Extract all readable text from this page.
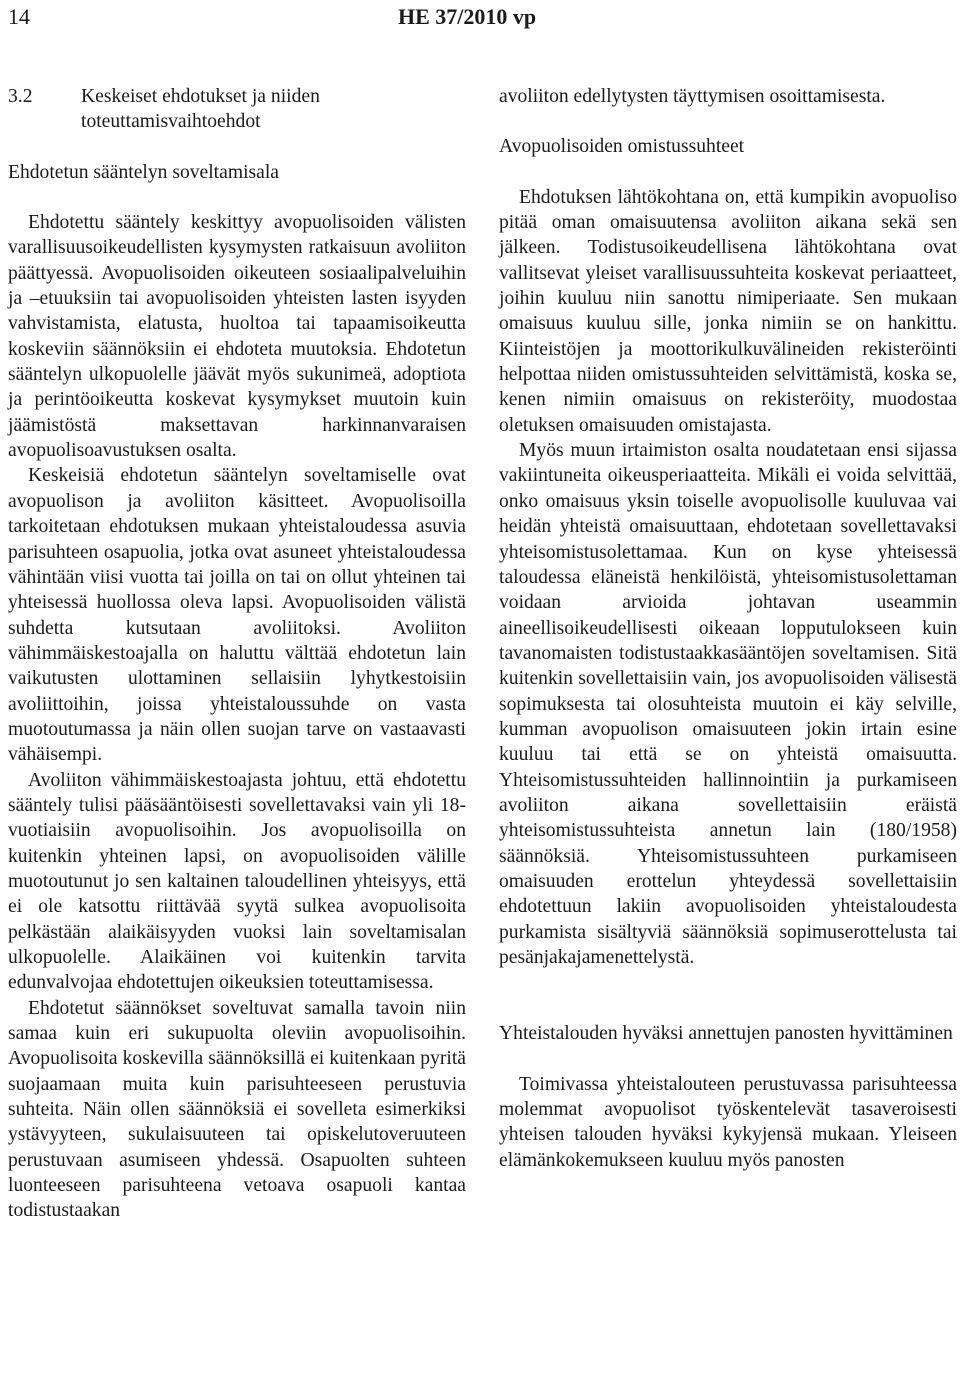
14	HE 37/2010 vp
3.2	Keskeiset ehdotukset ja niiden toteuttamisvaihtoehdot
Ehdotetun sääntelyn soveltamisala

Ehdotettu sääntely keskittyy avopuolisoiden välisten varallisuusoikeudellisten kysymysten ratkaisuun avoliiton päättyessä. Avopuolisoiden oikeuteen sosiaalipalveluihin ja –etuuksiin tai avopuolisoiden yhteisten lasten isyyden vahvistamista, elatusta, huoltoa tai tapaamisoikeutta koskeviin säännöksiin ei ehdoteta muutoksia. Ehdotetun sääntelyn ulkopuolelle jäävät myös sukunimeä, adoptiota ja perintöoikeutta koskevat kysymykset muutoin kuin jäämistöstä maksettavan harkinnanvaraisen avopuolisoavustuksen osalta.

Keskeisiä ehdotetun sääntelyn soveltamiselle ovat avopuolison ja avoliiton käsitteet. Avopuolisoilla tarkoitetaan ehdotuksen mukaan yhteistaloudessa asuvia parisuhteen osapuolia, jotka ovat asuneet yhteistaloudessa vähintään viisi vuotta tai joilla on tai on ollut yhteinen tai yhteisessä huollossa oleva lapsi. Avopuolisoiden välistä suhdetta kutsutaan avoliitoksi. Avoliiton vähimmäiskestoajalla on haluttu välttää ehdotetun lain vaikutusten ulottaminen sellaisiin lyhytkestoisiin avoliittoihin, joissa yhteistaloussuhde on vasta muotoutumassa ja näin ollen suojan tarve on vastaavasti vähäisempi.

Avoliiton vähimmäiskestoajasta johtuu, että ehdotettu sääntely tulisi pääsääntöisesti sovellettavaksi vain yli 18-vuotiaisiin avopuolisoihin. Jos avopuolisoilla on kuitenkin yhteinen lapsi, on avopuolisoiden välille muotoutunut jo sen kaltainen taloudellinen yhteisyys, että ei ole katsottu riittävää syytä sulkea avopuolisoita pelkästään alaikäisyyden vuoksi lain soveltamisalan ulkopuolelle. Alaikäinen voi kuitenkin tarvita edunvalvojaa ehdotettujen oikeuksien toteuttamisessa.

Ehdotetut säännökset soveltuvat samalla tavoin niin samaa kuin eri sukupuolta oleviin avopuolisoihin. Avopuolisoita koskevilla säännöksillä ei kuitenkaan pyritä suojaamaan muita kuin parisuhteeseen perustuvia suhteita. Näin ollen säännöksiä ei sovelleta esimerkiksi ystävyyteen, sukulaisuuteen tai opiskelutoveruuteen perustuvaan asumiseen yhdessä. Osapuolten suhteen luonteeseen parisuhteena vetoava osapuoli kantaa todistustaakan

avoliiton edellytysten täyttymisen osoittamisesta.

Avopuolisoiden omistussuhteet

Ehdotuksen lähtökohtana on, että kumpikin avopuoliso pitää oman omaisuutensa avoliiton aikana sekä sen jälkeen. Todistusoikeudellisena lähtökohtana ovat vallitsevat yleiset varallisuussuhteita koskevat periaatteet, joihin kuuluu niin sanottu nimiperiaate. Sen mukaan omaisuus kuuluu sille, jonka nimiin se on hankittu. Kiinteistöjen ja moottorikulkuvälineiden rekisteröinti helpottaa niiden omistussuhteiden selvittämistä, koska se, kenen nimiin omaisuus on rekisteröity, muodostaa oletuksen omaisuuden omistajasta.

Myös muun irtaimiston osalta noudatetaan ensi sijassa vakiintuneita oikeusperiaatteita. Mikäli ei voida selvittää, onko omaisuus yksin toiselle avopuolisolle kuuluvaa vai heidän yhteistä omaisuuttaan, ehdotetaan sovellettavaksi yhteisomistusolettamaa. Kun on kyse yhteisessä taloudessa eläneistä henkilöistä, yhteisomistusolettaman voidaan arvioida johtavan useammin aineellisoikeudellisesti oikeaan lopputulokseen kuin tavanomaisten todistustaakkasääntöjen soveltamisen. Sitä kuitenkin sovellettaisiin vain, jos avopuolisoiden välisestä sopimuksesta tai olosuhteista muutoin ei käy selville, kumman avopuolison omaisuuteen jokin irtain esine kuuluu tai että se on yhteistä omaisuutta. Yhteisomistussuhteiden hallinnointiin ja purkamiseen avoliiton aikana sovellettaisiin eräistä yhteisomistussuhteista annetun lain (180/1958) säännöksiä. Yhteisomistussuhteen purkamiseen omaisuuden erottelun yhteydessä sovellettaisiin ehdotettuun lakiin avopuolisoiden yhteistaloudesta purkamista sisältyviä säännöksiä sopimuserottelusta tai pesänjakajamenettelystä.

Yhteistalouden hyväksi annettujen panosten hyvittäminen

Toimivassa yhteistalouteen perustuvassa parisuhteessa molemmat avopuolisot työskentelevät tasaveroisesti yhteisen talouden hyväksi kykyjensä mukaan. Yleiseen elämänkokemukseen kuuluu myös panosten
